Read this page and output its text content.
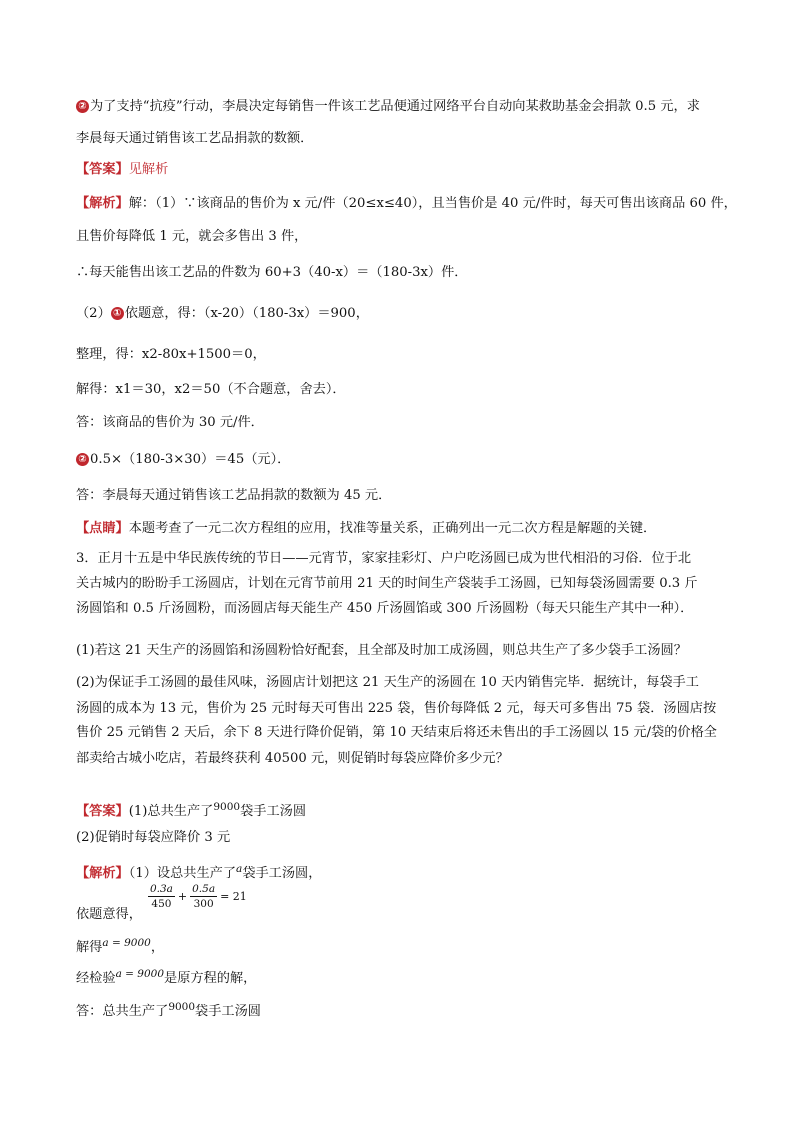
② 为了支持“抗疫”行动，李晨决定每销售一件该工艺品便通过网络平台自动向某救助基金会捐款 0.5 元，求
李晨每天通过销售该工艺品捐款的数额．
【答案】见解析
【解析】解：（1）∵该商品的售价为 x 元/件（20≤x≤40），且当售价是 40 元/件时，每天可售出该商品 60 件，
且售价每降低 1 元，就会多售出 3 件，
∴每天能售出该工艺品的件数为 60+3（40-x）＝（180-3x）件．
（2） ① 依题意，得：（x-20）（180-3x）＝900，
整理，得：x2-80x+1500＝0，
解得：x1＝30，x2＝50（不合题意，舍去）．
答：该商品的售价为 30 元/件．
② 0.5×（180-3×30）＝45（元）．
答：李晨每天通过销售该工艺品捐款的数额为 45 元．
【点睛】本题考查了一元二次方程组的应用，找准等量关系，正确列出一元二次方程是解题的关键．
3．正月十五是中华民族传统的节日——元宵节，家家挂彩灯、户户吃汤圆已成为世代相沿的习俗．位于北
关古城内的盼盼手工汤圆店，计划在元宵节前用 21 天的时间生产袋装手工汤圆，已知每袋汤圆需要 0.3 斤
汤圆馅和 0.5 斤汤圆粉，而汤圆店每天能生产 450 斤汤圆馅或 300 斤汤圆粉（每天只能生产其中一种）．
(1)若这 21 天生产的汤圆馅和汤圆粉恰好配套，且全部及时加工成汤圆，则总共生产了多少袋手工汤圆？
(2)为保证手工汤圆的最佳风味，汤圆店计划把这 21 天生产的汤圆在 10 天内销售完毕．据统计，每袋手工
汤圆的成本为 13 元，售价为 25 元时每天可售出 225 袋，售价每降低 2 元，每天可多售出 75 袋．汤圆店按
售价 25 元销售 2 天后，余下 8 天进行降价促销，第 10 天结束后将还未售出的手工汤圆以 15 元/袋的价格全
部卖给古城小吃店，若最终获利 40500 元，则促销时每袋应降价多少元？
【答案】(1)总共生产了$^{9000}$袋手工汤圆
(2)促销时每袋应降价 3 元
【解析】（1）设总共生产了$^a$袋手工汤圆，
依题意得，
$\frac{0.3a}{450} + \frac{0.5a}{300} = 21$
解得$^{a = 9000}$，
经检验$^{a = 9000}$是原方程的解，
答：总共生产了$^{9000}$袋手工汤圆
